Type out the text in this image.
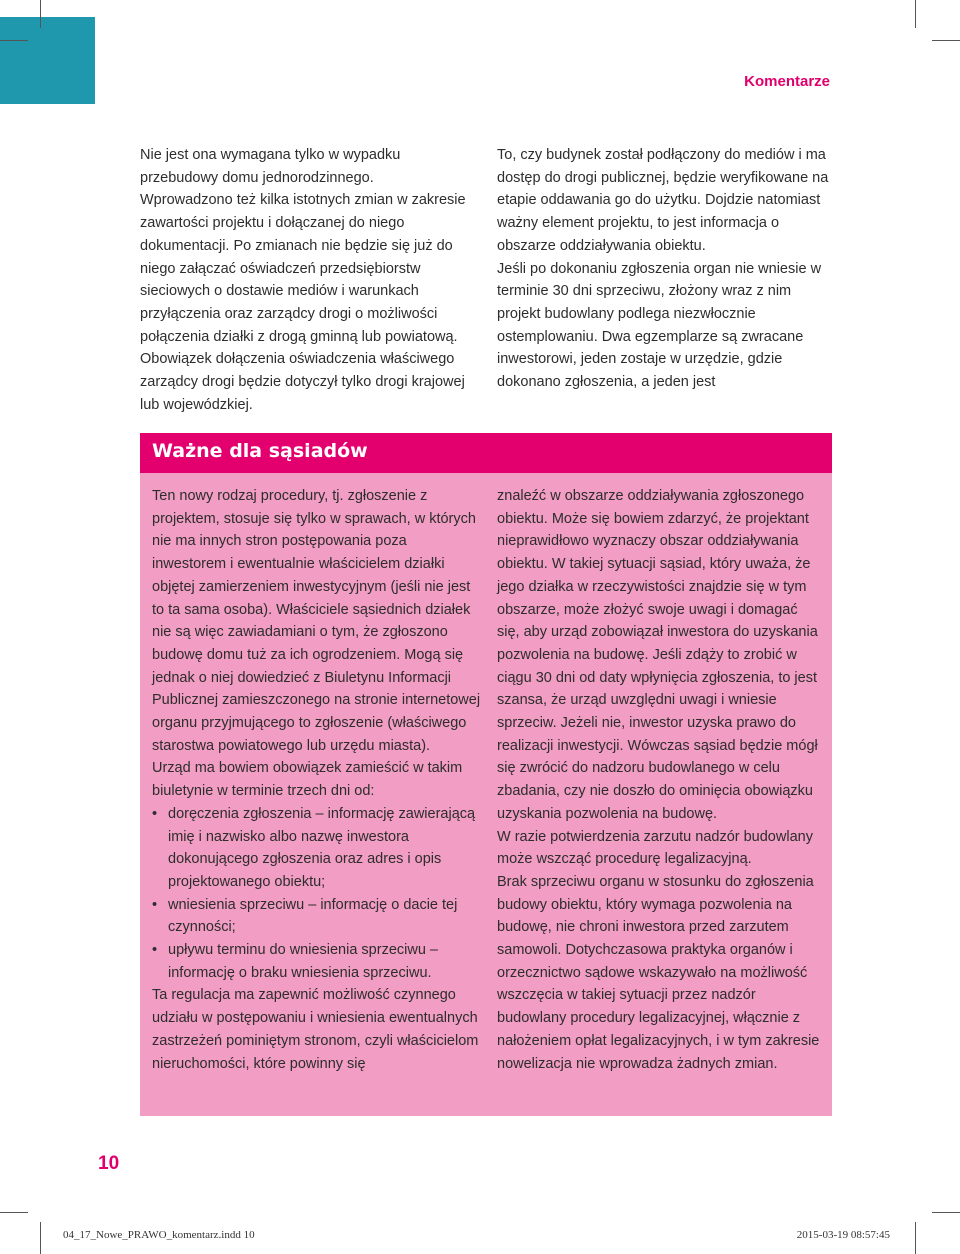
Komentarze

Nie jest ona wymagana tylko w wypadku przebudowy domu jednorodzinnego.

Wprowadzono też kilka istotnych zmian w zakresie zawartości projektu i dołączanej do niego dokumentacji. Po zmianach nie będzie się już do niego załączać oświadczeń przedsiębiorstw sieciowych o dostawie mediów i warunkach przyłączenia oraz zarządcy drogi o możliwości połączenia działki z drogą gminną lub powiatową. Obowiązek dołączenia oświadczenia właściwego zarządcy drogi będzie dotyczył tylko drogi krajowej lub wojewódzkiej.

To, czy budynek został podłączony do mediów i ma dostęp do drogi publicznej, będzie weryfikowane na etapie oddawania go do użytku. Dojdzie natomiast ważny element projektu, to jest informacja o obszarze oddziaływania obiektu.

Jeśli po dokonaniu zgłoszenia organ nie wniesie w terminie 30 dni sprzeciwu, złożony wraz z nim projekt budowlany podlega niezwłocznie ostemplowaniu. Dwa egzemplarze są zwracane inwestorowi, jeden zostaje w urzędzie, gdzie dokonano zgłoszenia, a jeden jest

Ważne dla sąsiadów

Ten nowy rodzaj procedury, tj. zgłoszenie z projektem, stosuje się tylko w sprawach, w których nie ma innych stron postępowania poza inwestorem i ewentualnie właścicielem działki objętej zamierzeniem inwestycyjnym (jeśli nie jest to ta sama osoba). Właściciele sąsiednich działek nie są więc zawiadamiani o tym, że zgłoszono budowę domu tuż za ich ogrodzeniem. Mogą się jednak o niej dowiedzieć z Biuletynu Informacji Publicznej zamieszczonego na stronie internetowej organu przyjmującego to zgłoszenie (właściwego starostwa powiatowego lub urzędu miasta).

Urząd ma bowiem obowiązek zamieścić w takim biuletynie w terminie trzech dni od:

• doręczenia zgłoszenia – informację zawierającą imię i nazwisko albo nazwę inwestora dokonującego zgłoszenia oraz adres i opis projektowanego obiektu;
• wniesienia sprzeciwu – informację o dacie tej czynności;
• upływu terminu do wniesienia sprzeciwu – informację o braku wniesienia sprzeciwu.

Ta regulacja ma zapewnić możliwość czynnego udziału w postępowaniu i wniesienia ewentualnych zastrzeżeń pominiętym stronom, czyli właścicielom nieruchomości, które powinny się

znaleźć w obszarze oddziaływania zgłoszonego obiektu. Może się bowiem zdarzyć, że projektant nieprawidłowo wyznaczy obszar oddziaływania obiektu. W takiej sytuacji sąsiad, który uważa, że jego działka w rzeczywistości znajdzie się w tym obszarze, może złożyć swoje uwagi i domagać się, aby urząd zobowiązał inwestora do uzyskania pozwolenia na budowę. Jeśli zdąży to zrobić w ciągu 30 dni od daty wpłynięcia zgłoszenia, to jest szansa, że urząd uwzględni uwagi i wniesie sprzeciw. Jeżeli nie, inwestor uzyska prawo do realizacji inwestycji. Wówczas sąsiad będzie mógł się zwrócić do nadzoru budowlanego w celu zbadania, czy nie doszło do ominięcia obowiązku uzyskania pozwolenia na budowę.

W razie potwierdzenia zarzutu nadzór budowlany może wszcząć procedurę legalizacyjną.

Brak sprzeciwu organu w stosunku do zgłoszenia budowy obiektu, który wymaga pozwolenia na budowę, nie chroni inwestora przed zarzutem samowoli. Dotychczasowa praktyka organów i orzecznictwo sądowe wskazywało na możliwość wszczęcia w takiej sytuacji przez nadzór budowlany procedury legalizacyjnej, włącznie z nałożeniem opłat legalizacyjnych, i w tym zakresie nowelizacja nie wprowadza żadnych zmian.

10
04_17_Nowe_PRAWO_komentarz.indd 10	2015-03-19 08:57:45
